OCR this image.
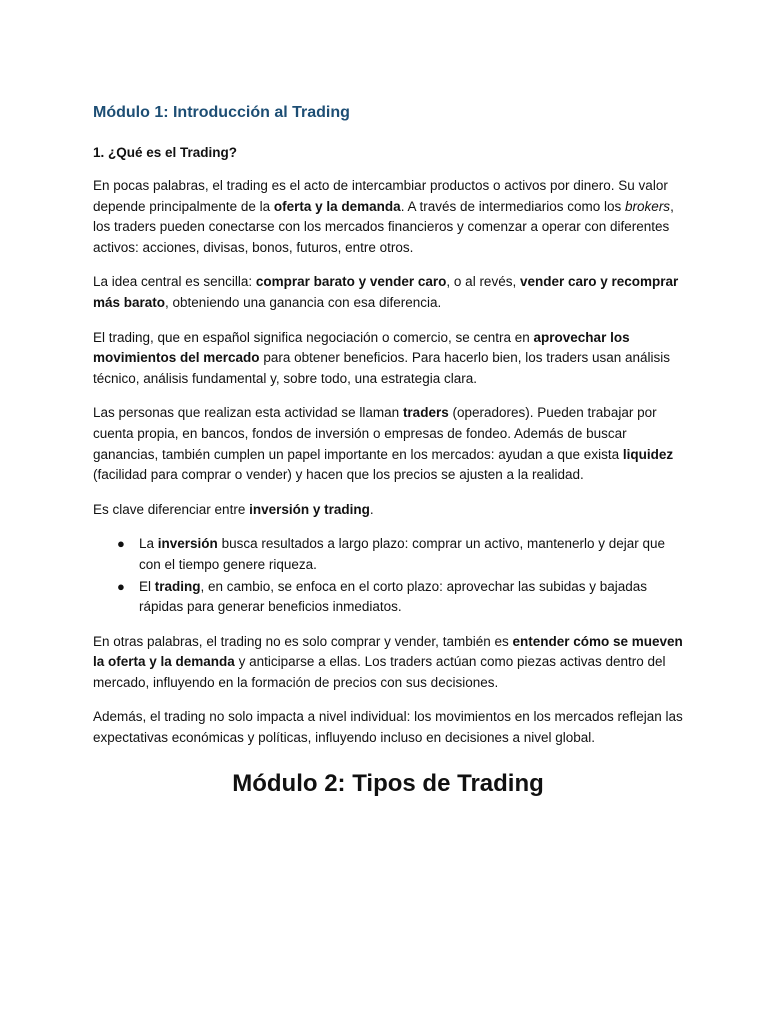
Módulo 1: Introducción al Trading
1. ¿Qué es el Trading?

En pocas palabras, el trading es el acto de intercambiar productos o activos por dinero. Su valor depende principalmente de la oferta y la demanda. A través de intermediarios como los brokers, los traders pueden conectarse con los mercados financieros y comenzar a operar con diferentes activos: acciones, divisas, bonos, futuros, entre otros.

La idea central es sencilla: comprar barato y vender caro, o al revés, vender caro y recomprar más barato, obteniendo una ganancia con esa diferencia.

El trading, que en español significa negociación o comercio, se centra en aprovechar los movimientos del mercado para obtener beneficios. Para hacerlo bien, los traders usan análisis técnico, análisis fundamental y, sobre todo, una estrategia clara.

Las personas que realizan esta actividad se llaman traders (operadores). Pueden trabajar por cuenta propia, en bancos, fondos de inversión o empresas de fondeo. Además de buscar ganancias, también cumplen un papel importante en los mercados: ayudan a que exista liquidez (facilidad para comprar o vender) y hacen que los precios se ajusten a la realidad.

Es clave diferenciar entre inversión y trading.

● La inversión busca resultados a largo plazo: comprar un activo, mantenerlo y dejar que con el tiempo genere riqueza.
● El trading, en cambio, se enfoca en el corto plazo: aprovechar las subidas y bajadas rápidas para generar beneficios inmediatos.

En otras palabras, el trading no es solo comprar y vender, también es entender cómo se mueven la oferta y la demanda y anticiparse a ellas. Los traders actúan como piezas activas dentro del mercado, influyendo en la formación de precios con sus decisiones.

Además, el trading no solo impacta a nivel individual: los movimientos en los mercados reflejan las expectativas económicas y políticas, influyendo incluso en decisiones a nivel global.

Módulo 2: Tipos de Trading
